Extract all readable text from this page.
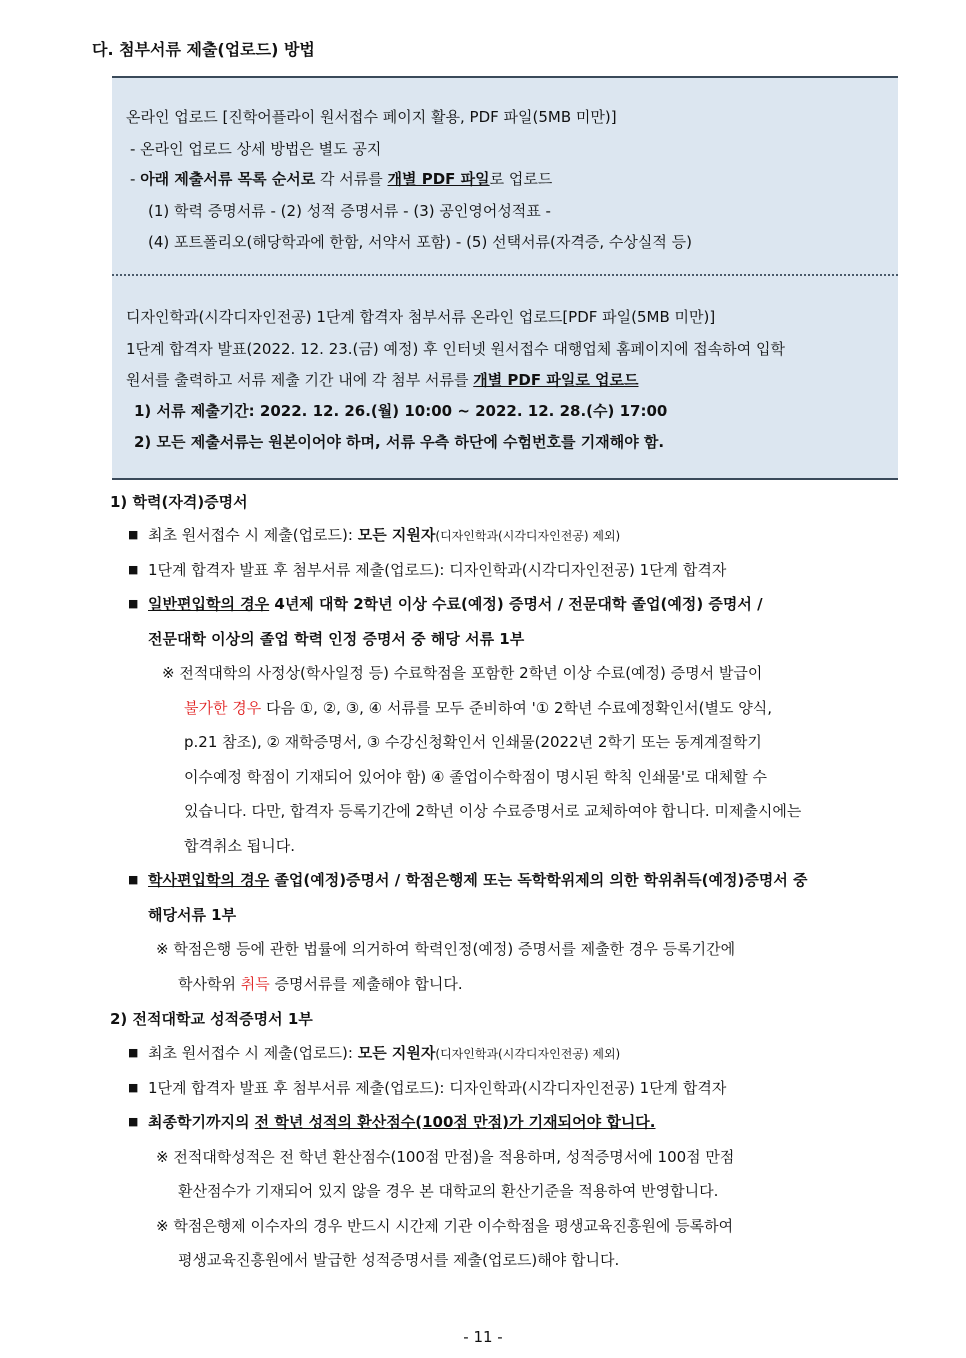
다. 첨부서류 제출(업로드) 방법
온라인 업로드 [진학어플라이 원서접수 페이지 활용, PDF 파일(5MB 미만)]
- 온라인 업로드 상세 방법은 별도 공지
- 아래 제출서류 목록 순서로 각 서류를 개별 PDF 파일로 업로드
(1) 학력 증명서류 - (2) 성적 증명서류 - (3) 공인영어성적표 -
(4) 포트폴리오(해당학과에 한함, 서약서 포함) - (5) 선택서류(자격증, 수상실적 등)
디자인학과(시각디자인전공) 1단계 합격자 첨부서류 온라인 업로드[PDF 파일(5MB 미만)]
1단계 합격자 발표(2022. 12. 23.(금) 예정) 후 인터넷 원서접수 대행업체 홈페이지에 접속하여 입학
원서를 출력하고 서류 제출 기간 내에 각 첨부 서류를 개별 PDF 파일로 업로드
1) 서류 제출기간: 2022. 12. 26.(월) 10:00 ~ 2022. 12. 28.(수) 17:00
2) 모든 제출서류는 원본이어야 하며, 서류 우측 하단에 수험번호를 기재해야 함.
1) 학력(자격)증명서
■ 최초 원서접수 시 제출(업로드): 모든 지원자(디자인학과(시각디자인전공) 제외)
■ 1단계 합격자 발표 후 첨부서류 제출(업로드): 디자인학과(시각디자인전공) 1단계 합격자
■ 일반편입학의 경우 4년제 대학 2학년 이상 수료(예정) 증명서 / 전문대학 졸업(예정) 증명서 /
전문대학 이상의 졸업 학력 인정 증명서 중 해당 서류 1부
※ 전적대학의 사정상(학사일정 등) 수료학점을 포함한 2학년 이상 수료(예정) 증명서 발급이
불가한 경우 다음 ①, ②, ③, ④ 서류를 모두 준비하여 '① 2학년 수료예정확인서(별도 양식,
p.21 참조), ② 재학증명서, ③ 수강신청확인서 인쇄물(2022년 2학기 또는 동계계절학기
이수예정 학점이 기재되어 있어야 함) ④ 졸업이수학점이 명시된 학칙 인쇄물'로 대체할 수
있습니다. 다만, 합격자 등록기간에 2학년 이상 수료증명서로 교체하여야 합니다. 미제출시에는
합격취소 됩니다.
■ 학사편입학의 경우 졸업(예정)증명서 / 학점은행제 또는 독학학위제의 의한 학위취득(예정)증명서 중
해당서류 1부
※ 학점은행 등에 관한 법률에 의거하여 학력인정(예정) 증명서를 제출한 경우 등록기간에
학사학위 취득 증명서류를 제출해야 합니다.
2) 전적대학교 성적증명서 1부
■ 최초 원서접수 시 제출(업로드): 모든 지원자(디자인학과(시각디자인전공) 제외)
■ 1단계 합격자 발표 후 첨부서류 제출(업로드): 디자인학과(시각디자인전공) 1단계 합격자
■ 최종학기까지의 전 학년 성적의 환산점수(100점 만점)가 기재되어야 합니다.
※ 전적대학성적은 전 학년 환산점수(100점 만점)을 적용하며, 성적증명서에 100점 만점
환산점수가 기재되어 있지 않을 경우 본 대학교의 환산기준을 적용하여 반영합니다.
※ 학점은행제 이수자의 경우 반드시 시간제 기관 이수학점을 평생교육진흥원에 등록하여
평생교육진흥원에서 발급한 성적증명서를 제출(업로드)해야 합니다.
- 11 -
